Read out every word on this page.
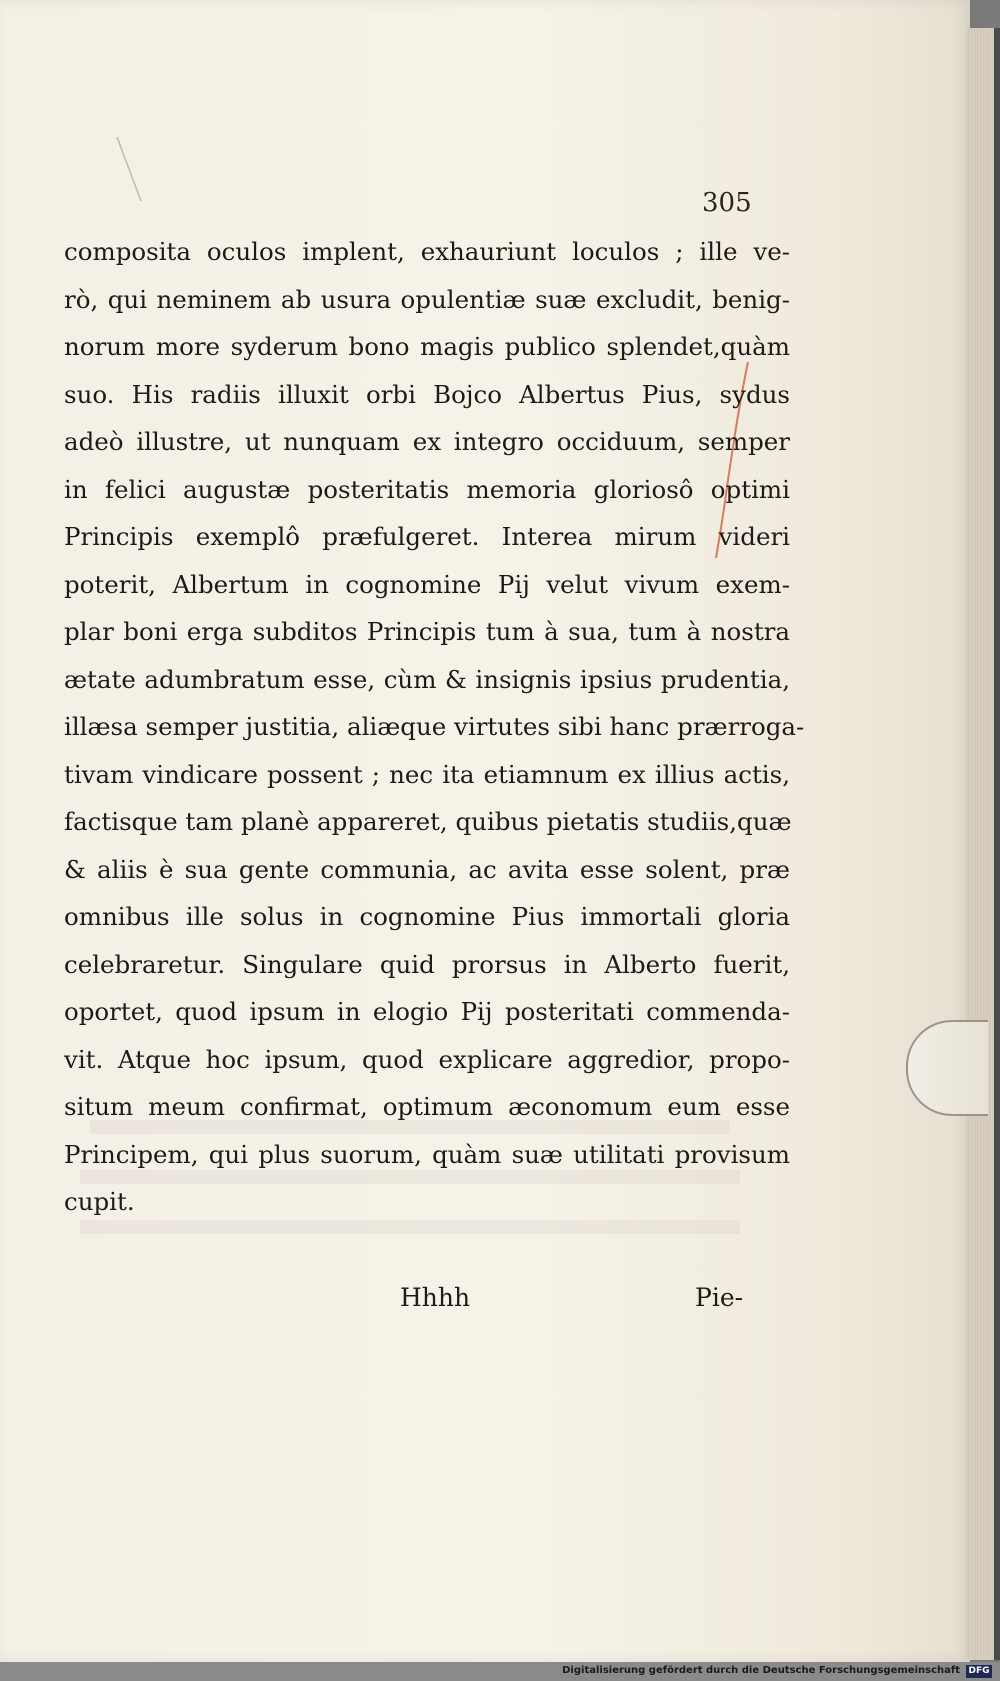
305
composita oculos implent, exhauriunt loculos ; ille ve-
rò, qui neminem ab usura opulentiæ suæ excludit, benig-
norum more syderum bono magis publico splendet,quàm
suo. His radiis illuxit orbi Bojco Albertus Pius, sydus
adeò illustre, ut nunquam ex integro occiduum, semper
in felici augustæ posteritatis memoria gloriosô optimi
Principis exemplô præfulgeret. Interea mirum videri
poterit, Albertum in cognomine Pij velut vivum exem-
plar boni erga subditos Principis tum à sua, tum à nostra
ætate adumbratum esse, cùm & insignis ipsius prudentia,
illæsa semper justitia, aliæque virtutes sibi hanc prærroga-
tivam vindicare possent ; nec ita etiamnum ex illius actis,
factisque tam planè appareret, quibus pietatis studiis,quæ
& aliis è sua gente communia, ac avita esse solent, præ
omnibus ille solus in cognomine Pius immortali gloria
celebraretur. Singulare quid prorsus in Alberto fuerit,
oportet, quod ipsum in elogio Pij posteritati commenda-
vit. Atque hoc ipsum, quod explicare aggredior, propo-
situm meum confirmat, optimum æconomum eum esse
Principem, qui plus suorum, quàm suæ utilitati provisum
cupit.
Hhhh	Pie-
Digitalisierung gefördert durch die Deutsche Forschungsgemeinschaft DFG
